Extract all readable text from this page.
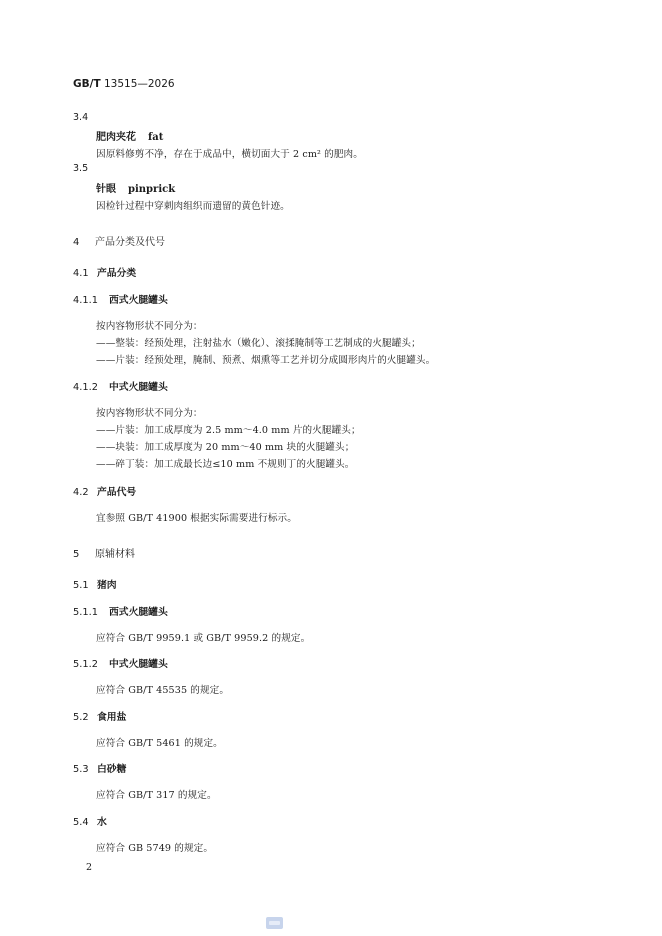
GB/T 13515—2026
3.4
肥肉夹花 fat
因原料修剪不净，存在于成品中，横切面大于 2 cm² 的肥肉。
3.5
针眼 pinprick
因检针过程中穿刺肉组织而遗留的黄色针迹。
4 产品分类及代号
4.1 产品分类
4.1.1 西式火腿罐头
按内容物形状不同分为：
——整装：经预处理，注射盐水（嫩化）、滚揉腌制等工艺制成的火腿罐头；
——片装：经预处理，腌制、预煮、烟熏等工艺并切分成圆形肉片的火腿罐头。
4.1.2 中式火腿罐头
按内容物形状不同分为：
——片装：加工成厚度为 2.5 mm～4.0 mm 片的火腿罐头；
——块装：加工成厚度为 20 mm～40 mm 块的火腿罐头；
——碎丁装：加工成最长边≤10 mm 不规则丁的火腿罐头。
4.2 产品代号
宜参照 GB/T 41900 根据实际需要进行标示。
5 原辅材料
5.1 猪肉
5.1.1 西式火腿罐头
应符合 GB/T 9959.1 或 GB/T 9959.2 的规定。
5.1.2 中式火腿罐头
应符合 GB/T 45535 的规定。
5.2 食用盐
应符合 GB/T 5461 的规定。
5.3 白砂糖
应符合 GB/T 317 的规定。
5.4 水
应符合 GB 5749 的规定。
2
